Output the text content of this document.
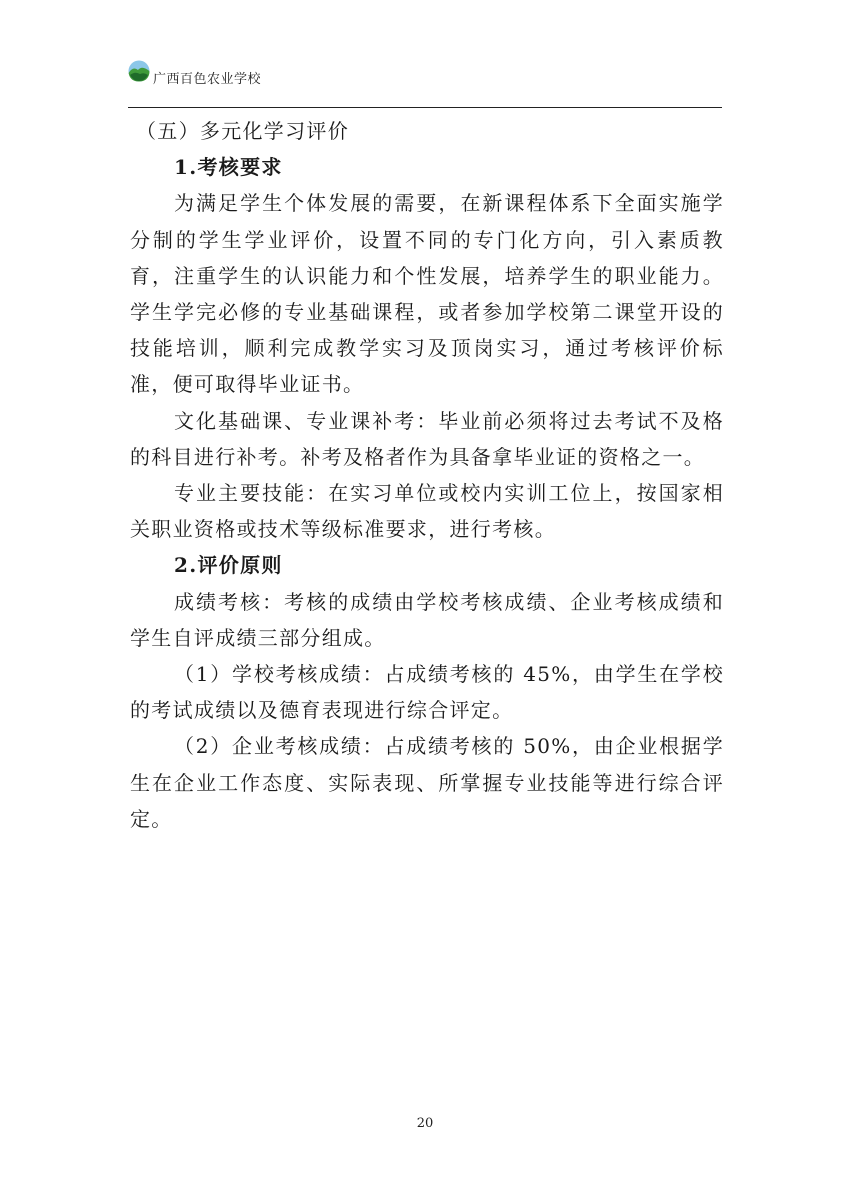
广西百色农业学校

（五）多元化学习评价

1.考核要求

为满足学生个体发展的需要，在新课程体系下全面实施学分制的学生学业评价，设置不同的专门化方向，引入素质教育，注重学生的认识能力和个性发展，培养学生的职业能力。学生学完必修的专业基础课程，或者参加学校第二课堂开设的技能培训，顺利完成教学实习及顶岗实习，通过考核评价标准，便可取得毕业证书。

文化基础课、专业课补考：毕业前必须将过去考试不及格的科目进行补考。补考及格者作为具备拿毕业证的资格之一。

专业主要技能：在实习单位或校内实训工位上，按国家相关职业资格或技术等级标准要求，进行考核。

2.评价原则

成绩考核：考核的成绩由学校考核成绩、企业考核成绩和学生自评成绩三部分组成。

（1）学校考核成绩：占成绩考核的 45%，由学生在学校的考试成绩以及德育表现进行综合评定。

（2）企业考核成绩：占成绩考核的 50%，由企业根据学生在企业工作态度、实际表现、所掌握专业技能等进行综合评定。

20
